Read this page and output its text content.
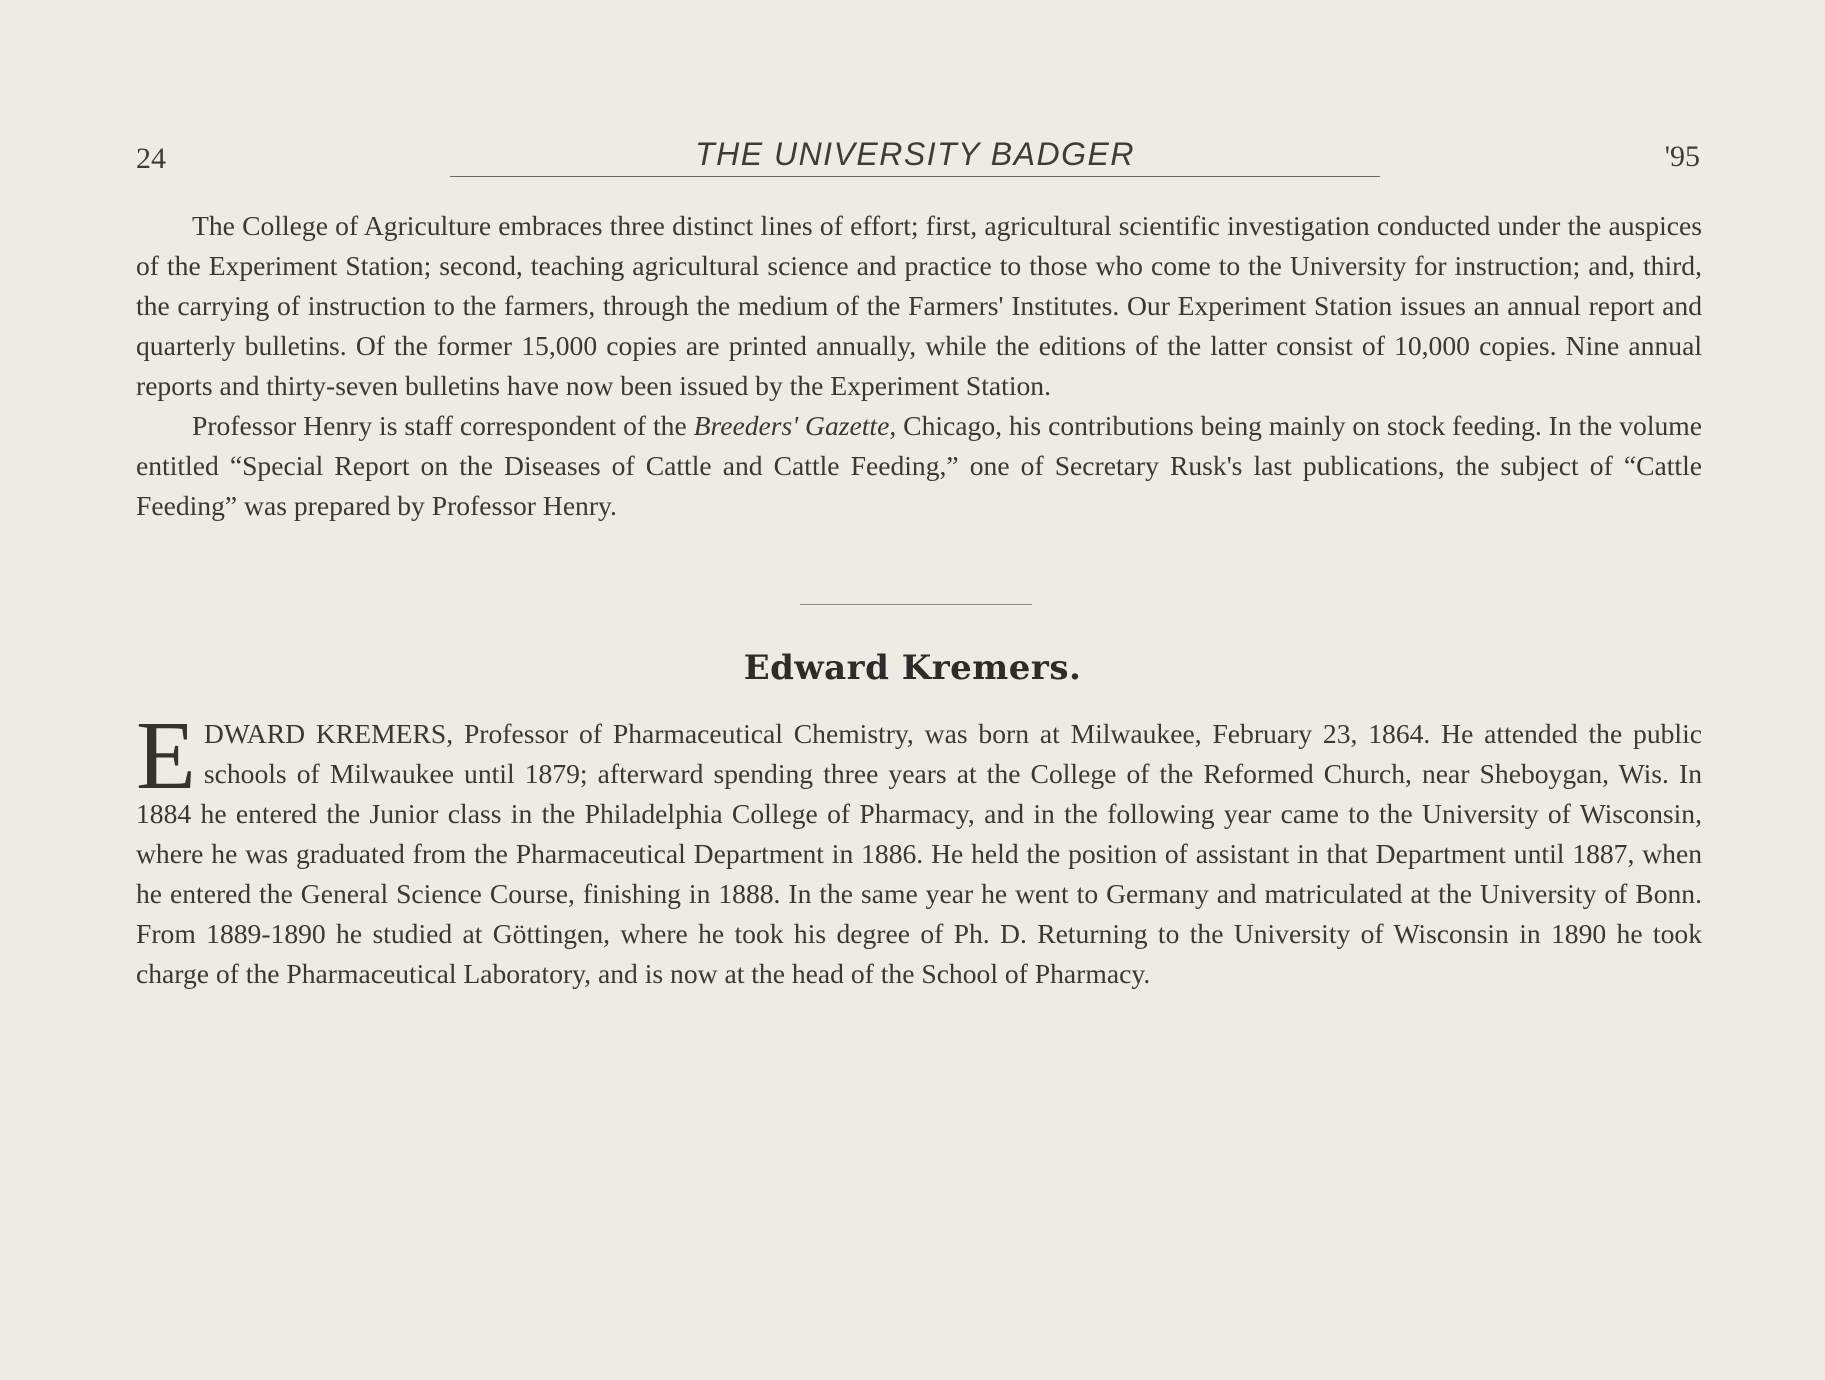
24	THE UNIVERSITY BADGER	'95

The College of Agriculture embraces three distinct lines of effort; first, agricultural scientific investigation conducted under the auspices of the Experiment Station; second, teaching agricultural science and practice to those who come to the University for instruction; and, third, the carrying of instruction to the farmers, through the medium of the Farmers' Institutes. Our Experiment Station issues an annual report and quarterly bulletins. Of the former 15,000 copies are printed annually, while the editions of the latter consist of 10,000 copies. Nine annual reports and thirty-seven bulletins have now been issued by the Experiment Station.

Professor Henry is staff correspondent of the Breeders' Gazette, Chicago, his contributions being mainly on stock feeding. In the volume entitled “Special Report on the Diseases of Cattle and Cattle Feeding,” one of Secretary Rusk's last publications, the subject of “Cattle Feeding” was prepared by Professor Henry.

Edward Kremers.

EDWARD KREMERS, Professor of Pharmaceutical Chemistry, was born at Milwaukee, February 23, 1864. He attended the public schools of Milwaukee until 1879; afterward spending three years at the College of the Reformed Church, near Sheboygan, Wis. In 1884 he entered the Junior class in the Philadelphia College of Pharmacy, and in the following year came to the University of Wisconsin, where he was graduated from the Pharmaceutical Department in 1886. He held the position of assistant in that Department until 1887, when he entered the General Science Course, finishing in 1888. In the same year he went to Germany and matriculated at the University of Bonn. From 1889-1890 he studied at Göttingen, where he took his degree of Ph. D. Returning to the University of Wisconsin in 1890 he took charge of the Pharmaceutical Laboratory, and is now at the head of the School of Pharmacy.
